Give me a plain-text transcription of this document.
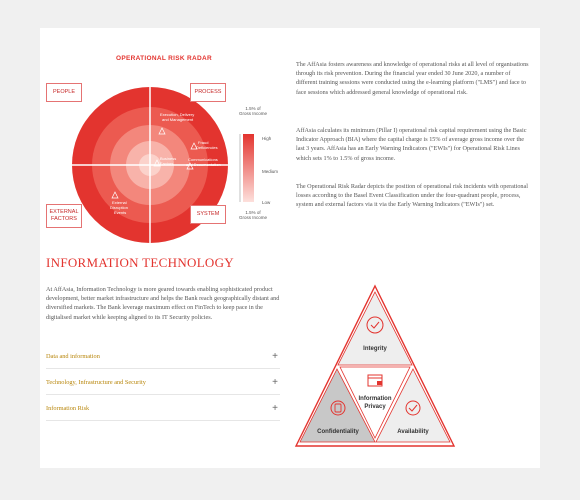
OPERATIONAL RISK RADAR
Execution, Delivery
and Management
Fraud
Deficiencies
Business
Factors
Communications
and Documentation
External
Disruption
Events
PEOPLE	PROCESS
EXTERNAL
FACTORS
SYSTEM
1.5% of
Gross Income
High
Medium
Low
1.5% of
Gross Income
The AffAsia fosters awareness and knowledge of operational risks at all level of organisations through its risk prevention. During the financial year ended 30 June 2020, a number of different training sessions were conducted using the e-learning platform ("LMS") and face to face sessions which addressed general knowledge of operational risk.
AffAsia calculates its minimum (Pillar I) operational risk capital requirement using the Basic Indicator Approach (BIA) where the capital charge is 15% of average gross income over the last 3 years. AffAsia has an Early Warning Indicators ("EWIs") for Operational Risk Lines which sets 1% to 1.5% of gross income.
The Operational Risk Radar depicts the position of operational risk incidents with operational losses according to the Basel Event Classification under the four-quadrant people, process, system and external factors via it via the Early Warning Indicators ("EWIs") set.
INFORMATION TECHNOLOGY
At AffAsia, Information Technology is more geared towards enabling sophisticated product development, better market infrastructure and helps the Bank reach geographically distant and diversified markets. The Bank leverage maximum effect on FinTech to keep pace in the digitalised market while keeping aligned to its IT Security policies.
Data and information	+
Technology, Infrastructure and Security	+
Information Risk	+
Integrity
Information
Privacy
Confidentiality	Availability
